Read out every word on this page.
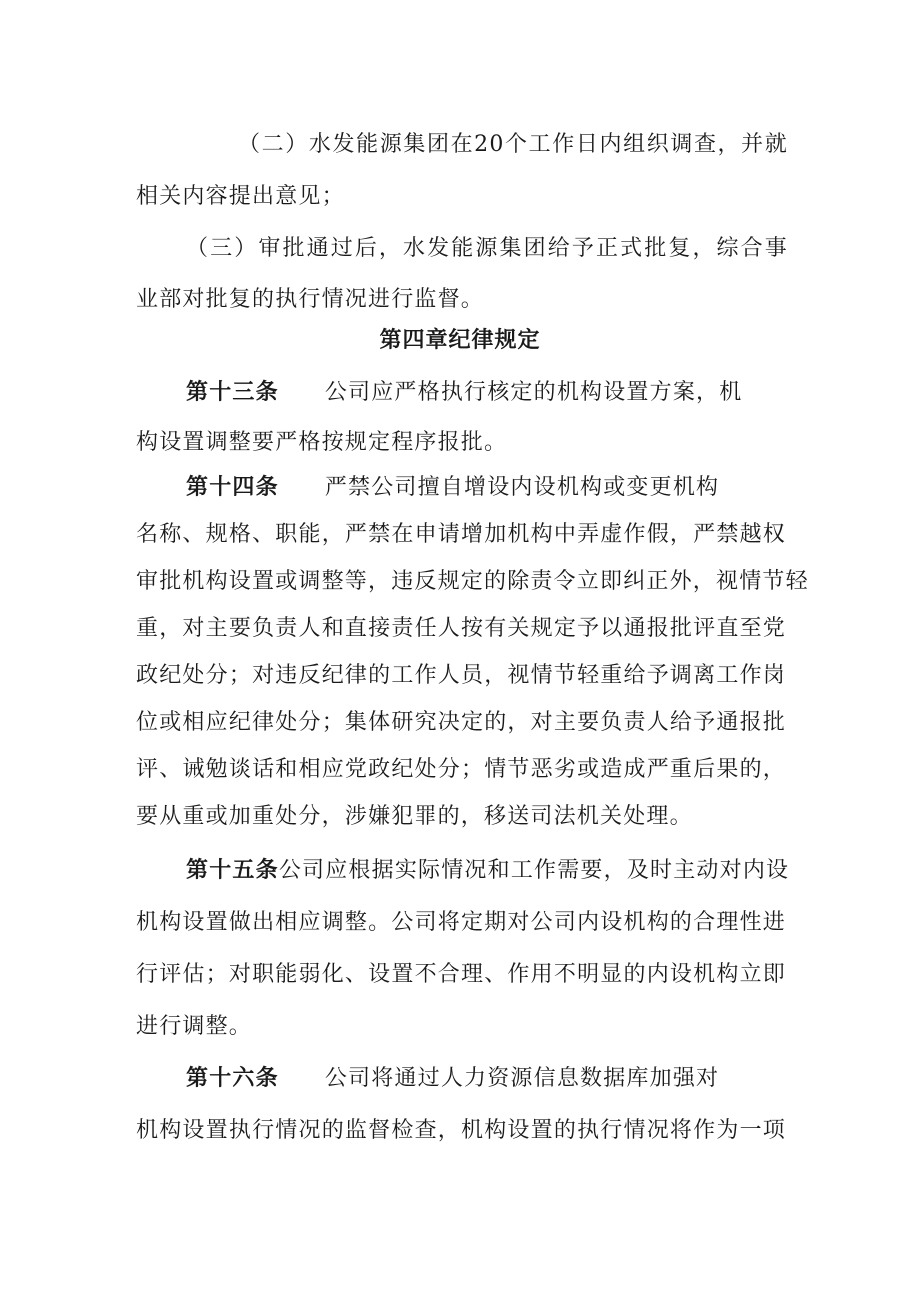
（二）水发能源集团在20个工作日内组织调查，并就
相关内容提出意见；
（三）审批通过后，水发能源集团给予正式批复，综合事
业部对批复的执行情况进行监督。
第四章纪律规定
第十三条 公司应严格执行核定的机构设置方案，机
构设置调整要严格按规定程序报批。
第十四条 严禁公司擅自增设内设机构或变更机构
名称、规格、职能，严禁在申请增加机构中弄虚作假，严禁越权
审批机构设置或调整等，违反规定的除责令立即纠正外，视情节轻
重，对主要负责人和直接责任人按有关规定予以通报批评直至党
政纪处分；对违反纪律的工作人员，视情节轻重给予调离工作岗
位或相应纪律处分；集体研究决定的，对主要负责人给予通报批
评、诫勉谈话和相应党政纪处分；情节恶劣或造成严重后果的，
要从重或加重处分，涉嫌犯罪的，移送司法机关处理。
第十五条公司应根据实际情况和工作需要，及时主动对内设
机构设置做出相应调整。公司将定期对公司内设机构的合理性进
行评估；对职能弱化、设置不合理、作用不明显的内设机构立即
进行调整。
第十六条 公司将通过人力资源信息数据库加强对
机构设置执行情况的监督检查，机构设置的执行情况将作为一项
